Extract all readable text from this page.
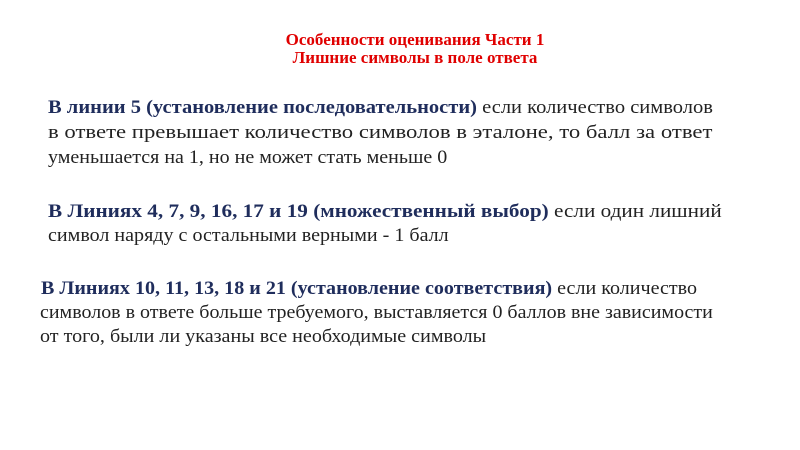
Особенности оценивания Части 1
Лишние символы в поле ответа
В линии 5 (установление последовательности) если количество символов
в ответе превышает количество символов в эталоне, то балл за ответ
уменьшается на 1, но не может стать меньше 0
В Линиях 4, 7, 9, 16, 17 и 19 (множественный выбор) если один лишний
символ наряду с остальными верными - 1 балл
В Линиях 10, 11, 13, 18 и 21 (установление соответствия) если количество
символов в ответе больше требуемого, выставляется 0 баллов вне зависимости
от того, были ли указаны все необходимые символы
